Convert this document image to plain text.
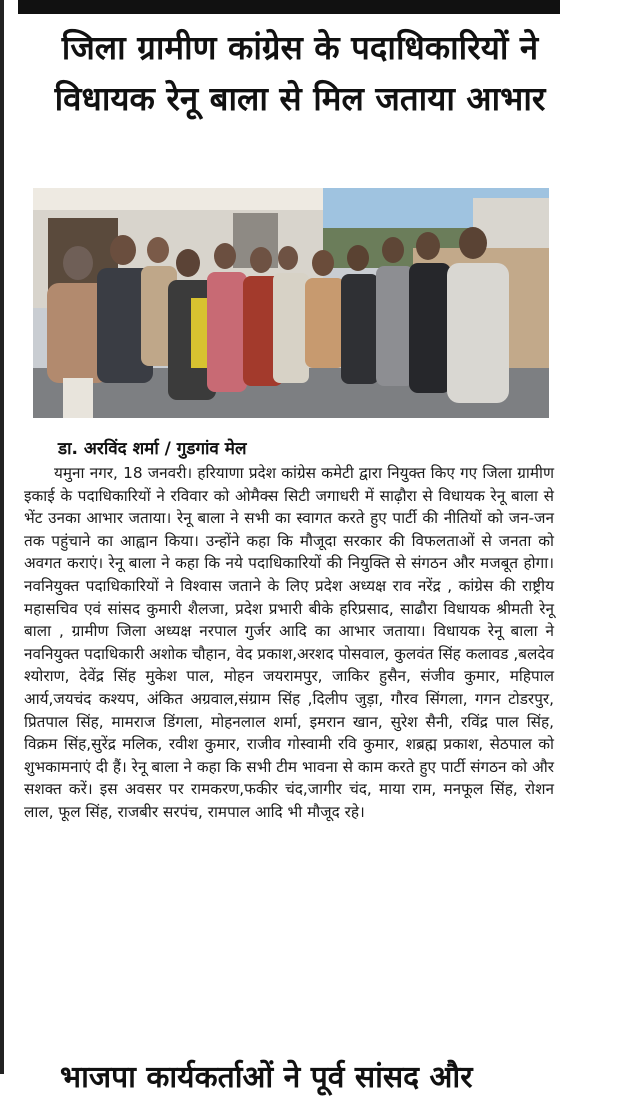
जिला ग्रामीण कांग्रेस के पदाधिकारियों ने विधायक रेनू बाला से मिल जताया आभार

डा. अरविंद शर्मा / गुडगांव मेल

यमुना नगर, 18 जनवरी। हरियाणा प्रदेश कांग्रेस कमेटी द्वारा नियुक्त किए गए जिला ग्रामीण इकाई के पदाधिकारियों ने रविवार को ओमैक्स सिटी जगाधरी में साढ़ौरा से विधायक रेनू बाला से भेंट उनका आभार जताया। रेनू बाला ने सभी का स्वागत करते हुए पार्टी की नीतियों को जन-जन तक पहुंचाने का आह्वान किया। उन्होंने कहा कि मौजूदा सरकार की विफलताओं से जनता को अवगत कराएं। रेनू बाला ने कहा कि नये पदाधिकारियों की नियुक्ति से संगठन और मजबूत होगा। नवनियुक्त पदाधिकारियों ने विश्वास जताने के लिए प्रदेश अध्यक्ष राव नरेंद्र , कांग्रेस की राष्ट्रीय महासचिव एवं सांसद कुमारी शैलजा, प्रदेश प्रभारी बीके हरिप्रसाद, साढौरा विधायक श्रीमती रेनू बाला , ग्रामीण जिला अध्यक्ष नरपाल गुर्जर आदि का आभार जताया। विधायक रेनू बाला ने नवनियुक्त पदाधिकारी अशोक चौहान, वेद प्रकाश,अरशद पोसवाल, कुलवंत सिंह कलावड ,बलदेव श्योराण, देवेंद्र सिंह मुकेश पाल, मोहन जयरामपुर, जाकिर हुसैन, संजीव कुमार, महिपाल आर्य,जयचंद कश्यप, अंकित अग्रवाल,संग्राम सिंह ,दिलीप जुड़ा, गौरव सिंगला, गगन टोडरपुर, प्रितपाल सिंह, मामराज डिंगला, मोहनलाल शर्मा, इमरान खान, सुरेश सैनी, रविंद्र पाल सिंह, विक्रम सिंह,सुरेंद्र मलिक, रवीश कुमार, राजीव गोस्वामी रवि कुमार, शब्रह्म प्रकाश, सेठपाल को शुभकामनाएं दी हैं। रेनू बाला ने कहा कि सभी टीम भावना से काम करते हुए पार्टी संगठन को और सशक्त करें। इस अवसर पर रामकरण,फकीर चंद,जागीर चंद, माया राम, मनफूल सिंह, रोशन लाल, फूल सिंह, राजबीर सरपंच, रामपाल आदि भी मौजूद रहे।

भाजपा कार्यकर्ताओं ने पूर्व सांसद और
